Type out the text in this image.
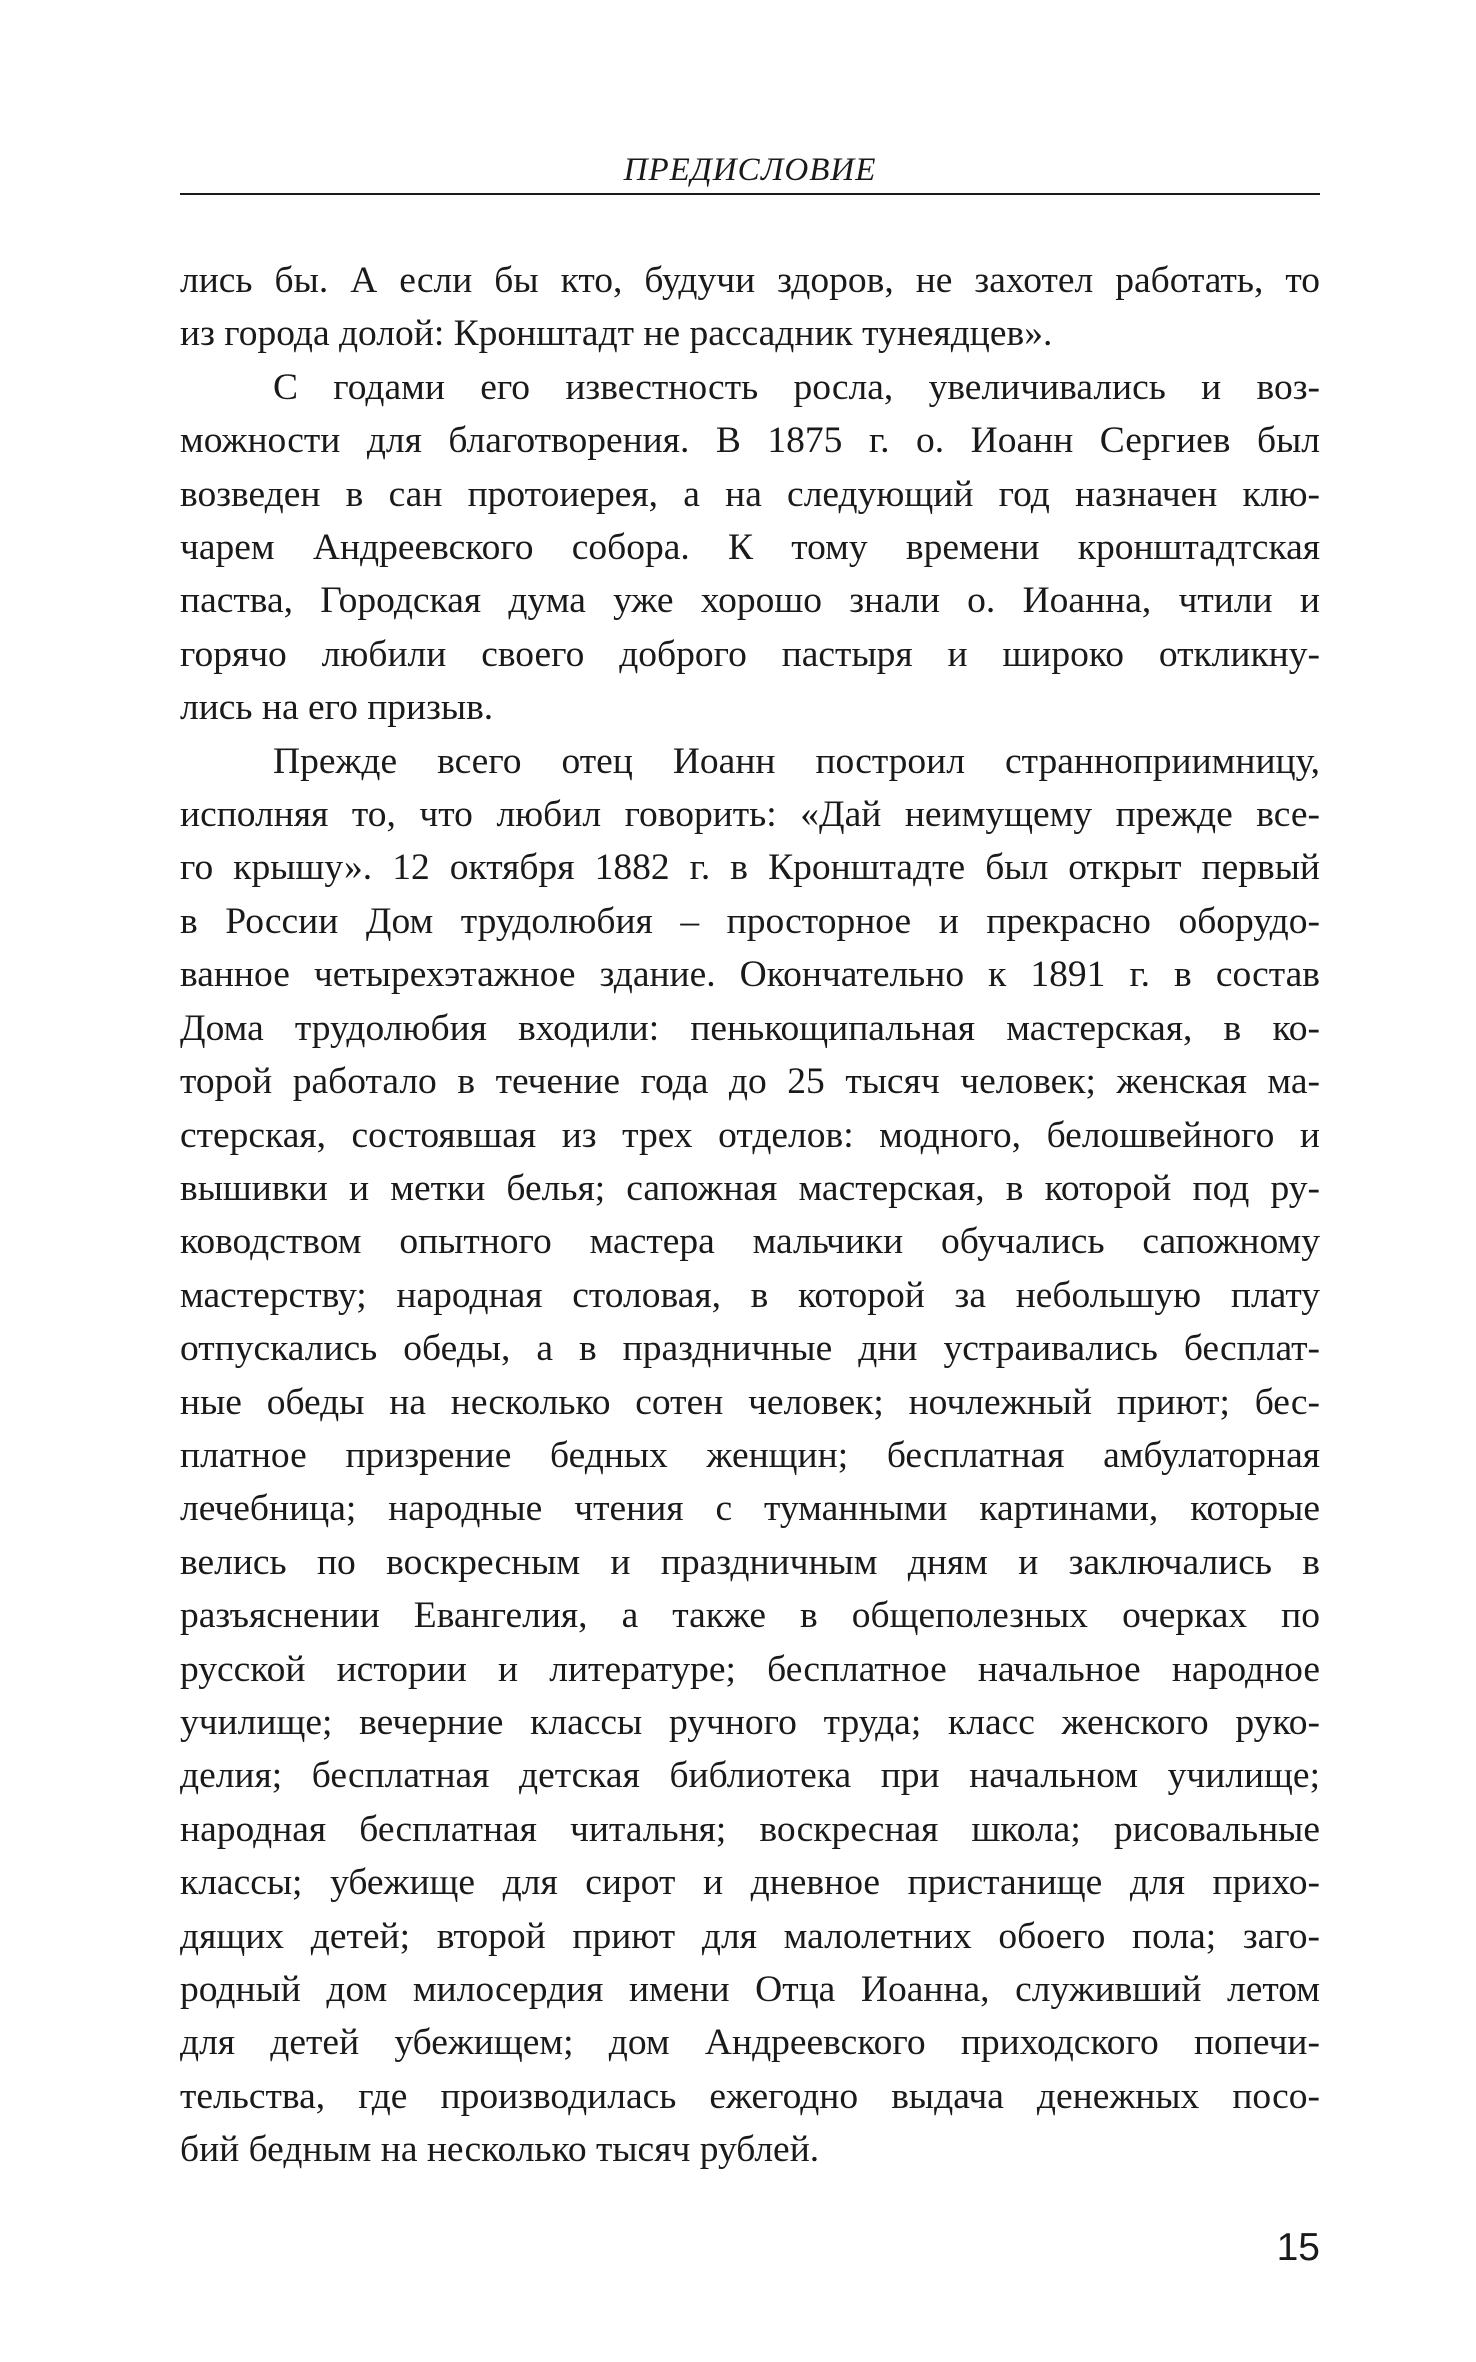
ПРЕДИСЛОВИЕ
лись бы. А если бы кто, будучи здоров, не захотел работать, то
из города долой: Кронштадт не рассадник тунеядцев».
С годами его известность росла, увеличивались и воз-
можности для благотворения. В 1875 г. о. Иоанн Сергиев был
возведен в сан протоиерея, а на следующий год назначен клю-
чарем Андреевского собора. К тому времени кронштадтская
паства, Городская дума уже хорошо знали о. Иоанна, чтили и
горячо любили своего доброго пастыря и широко откликну-
лись на его призыв.
Прежде всего отец Иоанн построил странноприимницу,
исполняя то, что любил говорить: «Дай неимущему прежде все-
го крышу». 12 октября 1882 г. в Кронштадте был открыт первый
в России Дом трудолюбия – просторное и прекрасно оборудо-
ванное четырехэтажное здание. Окончательно к 1891 г. в состав
Дома трудолюбия входили: пенькощипальная мастерская, в ко-
торой работало в течение года до 25 тысяч человек; женская ма-
стерская, состоявшая из трех отделов: модного, белошвейного и
вышивки и метки белья; сапожная мастерская, в которой под ру-
ководством опытного мастера мальчики обучались сапожному
мастерству; народная столовая, в которой за небольшую плату
отпускались обеды, а в праздничные дни устраивались бесплат-
ные обеды на несколько сотен человек; ночлежный приют; бес-
платное призрение бедных женщин; бесплатная амбулаторная
лечебница; народные чтения с туманными картинами, которые
велись по воскресным и праздничным дням и заключались в
разъяснении Евангелия, а также в общеполезных очерках по
русской истории и литературе; бесплатное начальное народное
училище; вечерние классы ручного труда; класс женского руко-
делия; бесплатная детская библиотека при начальном училище;
народная бесплатная читальня; воскресная школа; рисовальные
классы; убежище для сирот и дневное пристанище для прихо-
дящих детей; второй приют для малолетних обоего пола; заго-
родный дом милосердия имени Отца Иоанна, служивший летом
для детей убежищем; дом Андреевского приходского попечи-
тельства, где производилась ежегодно выдача денежных посо-
бий бедным на несколько тысяч рублей.
15
